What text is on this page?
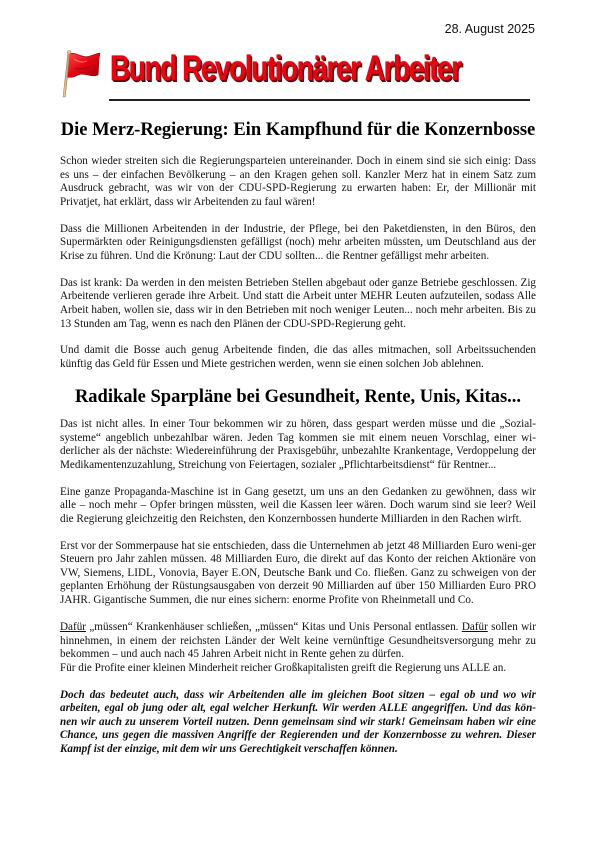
28. August 2025
Bund Revolutionärer Arbeiter
Die Merz-Regierung: Ein Kampfhund für die Konzernbosse

Schon wieder streiten sich die Regierungsparteien untereinander. Doch in einem sind sie sich einig: Dass es uns – der einfachen Bevölkerung – an den Kragen gehen soll. Kanzler Merz hat in einem Satz zum Ausdruck gebracht, was wir von der CDU-SPD-Regierung zu erwarten haben: Er, der Millionär mit Privatjet, hat erklärt, dass wir Arbeitenden zu faul wären!

Dass die Millionen Arbeitenden in der Industrie, der Pflege, bei den Paketdiensten, in den Büros, den Supermärkten oder Reinigungsdiensten gefälligst (noch) mehr arbeiten müssten, um Deutschland aus der Krise zu führen. Und die Krönung: Laut der CDU sollten... die Rentner gefälligst mehr arbeiten.

Das ist krank: Da werden in den meisten Betrieben Stellen abgebaut oder ganze Betriebe geschlossen. Zig Arbeitende verlieren gerade ihre Arbeit. Und statt die Arbeit unter MEHR Leuten aufzuteilen, sodass Alle Arbeit haben, wollen sie, dass wir in den Betrieben mit noch weniger Leuten... noch mehr arbeiten. Bis zu 13 Stunden am Tag, wenn es nach den Plänen der CDU-SPD-Regierung geht.

Und damit die Bosse auch genug Arbeitende finden, die das alles mitmachen, soll Arbeitssuchenden künftig das Geld für Essen und Miete gestrichen werden, wenn sie einen solchen Job ablehnen.

Radikale Sparpläne bei Gesundheit, Rente, Unis, Kitas...

Das ist nicht alles. In einer Tour bekommen wir zu hören, dass gespart werden müsse und die „Sozial-systeme“ angeblich unbezahlbar wären. Jeden Tag kommen sie mit einem neuen Vorschlag, einer wi-derlicher als der nächste: Wiedereinführung der Praxisgebühr, unbezahlte Krankentage, Verdoppelung der Medikamentenzuzahlung, Streichung von Feiertagen, sozialer „Pflichtarbeitsdienst“ für Rentner...

Eine ganze Propaganda-Maschine ist in Gang gesetzt, um uns an den Gedanken zu gewöhnen, dass wir alle – noch mehr – Opfer bringen müssten, weil die Kassen leer wären. Doch warum sind sie leer? Weil die Regierung gleichzeitig den Reichsten, den Konzernbossen hunderte Milliarden in den Rachen wirft.

Erst vor der Sommerpause hat sie entschieden, dass die Unternehmen ab jetzt 48 Milliarden Euro weni-ger Steuern pro Jahr zahlen müssen. 48 Milliarden Euro, die direkt auf das Konto der reichen Aktionäre von VW, Siemens, LIDL, Vonovia, Bayer E.ON, Deutsche Bank und Co. fließen. Ganz zu schweigen von der geplanten Erhöhung der Rüstungsausgaben von derzeit 90 Milliarden auf über 150 Milliarden Euro PRO JAHR. Gigantische Summen, die nur eines sichern: enorme Profite von Rheinmetall und Co.

Dafür „müssen“ Krankenhäuser schließen, „müssen“ Kitas und Unis Personal entlassen. Dafür sollen wir hinnehmen, in einem der reichsten Länder der Welt keine vernünftige Gesundheitsversorgung mehr zu bekommen – und auch nach 45 Jahren Arbeit nicht in Rente gehen zu dürfen.

Für die Profite einer kleinen Minderheit reicher Großkapitalisten greift die Regierung uns ALLE an.

Doch das bedeutet auch, dass wir Arbeitenden alle im gleichen Boot sitzen – egal ob und wo wir arbeiten, egal ob jung oder alt, egal welcher Herkunft. Wir werden ALLE angegriffen. Und das kön-nen wir auch zu unserem Vorteil nutzen. Denn gemeinsam sind wir stark! Gemeinsam haben wir eine Chance, uns gegen die massiven Angriffe der Regierenden und der Konzernbosse zu wehren. Dieser Kampf ist der einzige, mit dem wir uns Gerechtigkeit verschaffen können.
